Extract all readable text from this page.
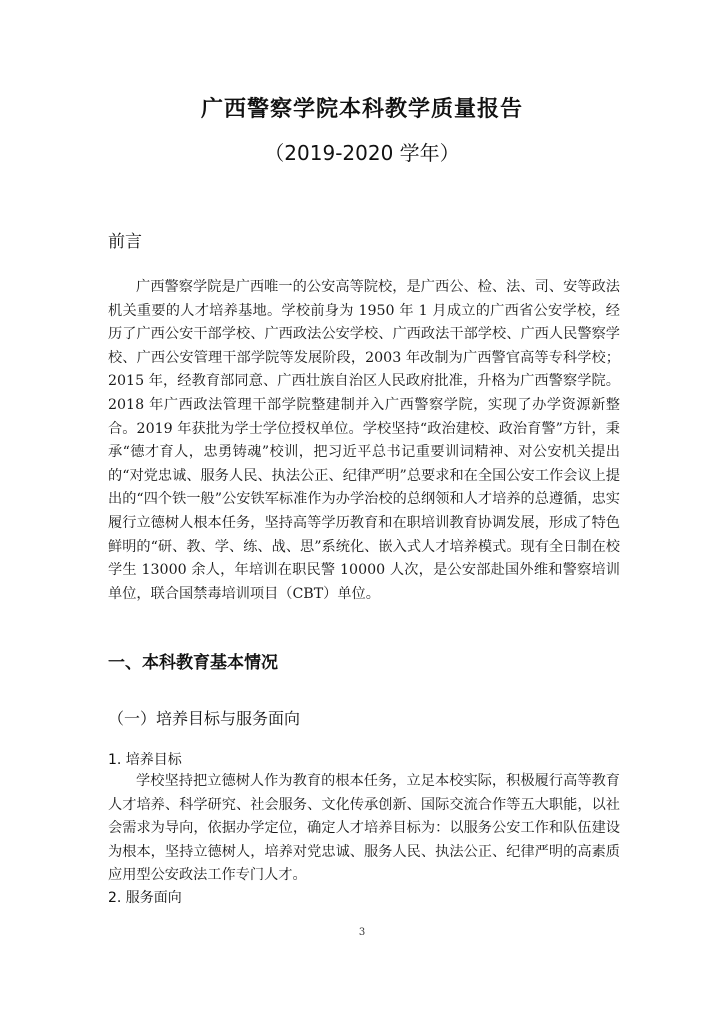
广西警察学院本科教学质量报告
（2019-2020 学年）
前言
广西警察学院是广西唯一的公安高等院校，是广西公、检、法、司、安等政法机关重要的人才培养基地。学校前身为 1950 年 1 月成立的广西省公安学校，经历了广西公安干部学校、广西政法公安学校、广西政法干部学校、广西人民警察学校、广西公安管理干部学院等发展阶段，2003 年改制为广西警官高等专科学校；2015 年，经教育部同意、广西壮族自治区人民政府批准，升格为广西警察学院。2018 年广西政法管理干部学院整建制并入广西警察学院，实现了办学资源新整合。2019 年获批为学士学位授权单位。学校坚持“政治建校、政治育警”方针，秉承“德才育人，忠勇铸魂”校训，把习近平总书记重要训词精神、对公安机关提出的“对党忠诚、服务人民、执法公正、纪律严明”总要求和在全国公安工作会议上提出的“四个铁一般”公安铁军标准作为办学治校的总纲领和人才培养的总遵循，忠实履行立德树人根本任务，坚持高等学历教育和在职培训教育协调发展，形成了特色鲜明的“研、教、学、练、战、思”系统化、嵌入式人才培养模式。现有全日制在校学生 13000 余人，年培训在职民警 10000 人次，是公安部赴国外维和警察培训单位，联合国禁毒培训项目（CBT）单位。
一、本科教育基本情况
（一）培养目标与服务面向
1. 培养目标
学校坚持把立德树人作为教育的根本任务，立足本校实际，积极履行高等教育人才培养、科学研究、社会服务、文化传承创新、国际交流合作等五大职能，以社会需求为导向，依据办学定位，确定人才培养目标为：以服务公安工作和队伍建设为根本，坚持立德树人，培养对党忠诚、服务人民、执法公正、纪律严明的高素质应用型公安政法工作专门人才。
2. 服务面向
3
